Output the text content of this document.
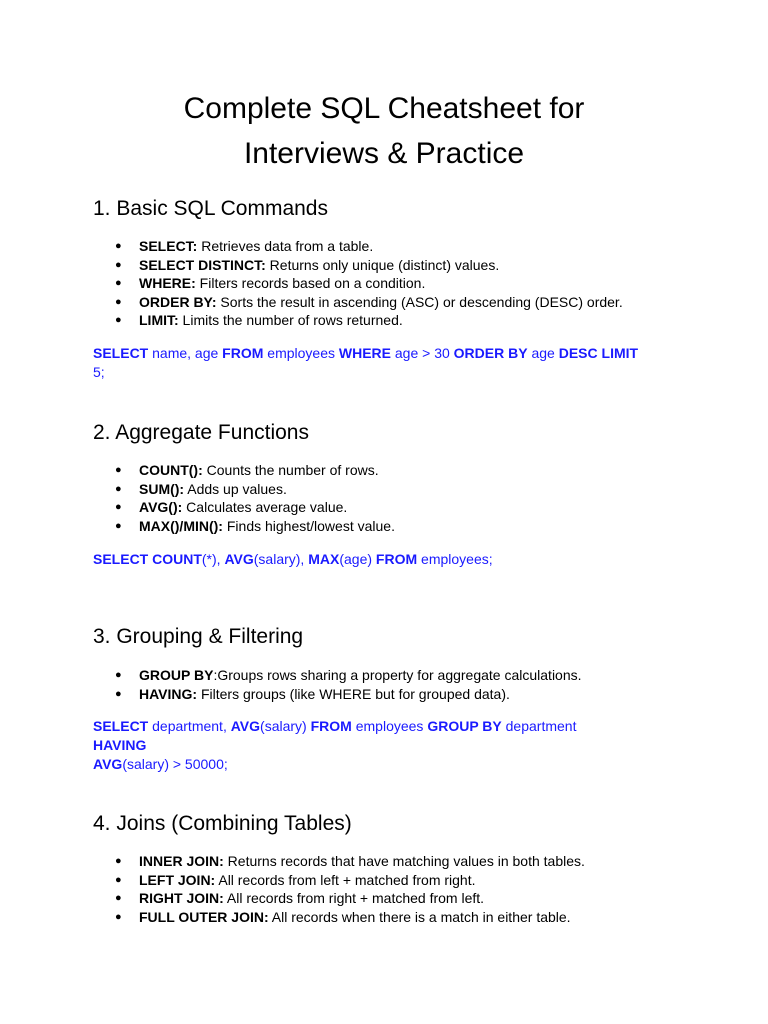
Complete SQL Cheatsheet for
Interviews & Practice
1. Basic SQL Commands
● SELECT: Retrieves data from a table.
● SELECT DISTINCT: Returns only unique (distinct) values.
● WHERE: Filters records based on a condition.
● ORDER BY: Sorts the result in ascending (ASC) or descending (DESC) order.
● LIMIT: Limits the number of rows returned.

SELECT name, age FROM employees WHERE age > 30 ORDER BY age DESC LIMIT 5;

2. Aggregate Functions
● COUNT(): Counts the number of rows.
● SUM(): Adds up values.
● AVG(): Calculates average value.
● MAX()/MIN(): Finds highest/lowest value.

SELECT COUNT(*), AVG(salary), MAX(age) FROM employees;

3. Grouping & Filtering
● GROUP BY:Groups rows sharing a property for aggregate calculations.
● HAVING: Filters groups (like WHERE but for grouped data).

SELECT department, AVG(salary) FROM employees GROUP BY department HAVING
AVG(salary) > 50000;

4. Joins (Combining Tables)
● INNER JOIN: Returns records that have matching values in both tables.
● LEFT JOIN: All records from left + matched from right.
● RIGHT JOIN: All records from right + matched from left.
● FULL OUTER JOIN: All records when there is a match in either table.
